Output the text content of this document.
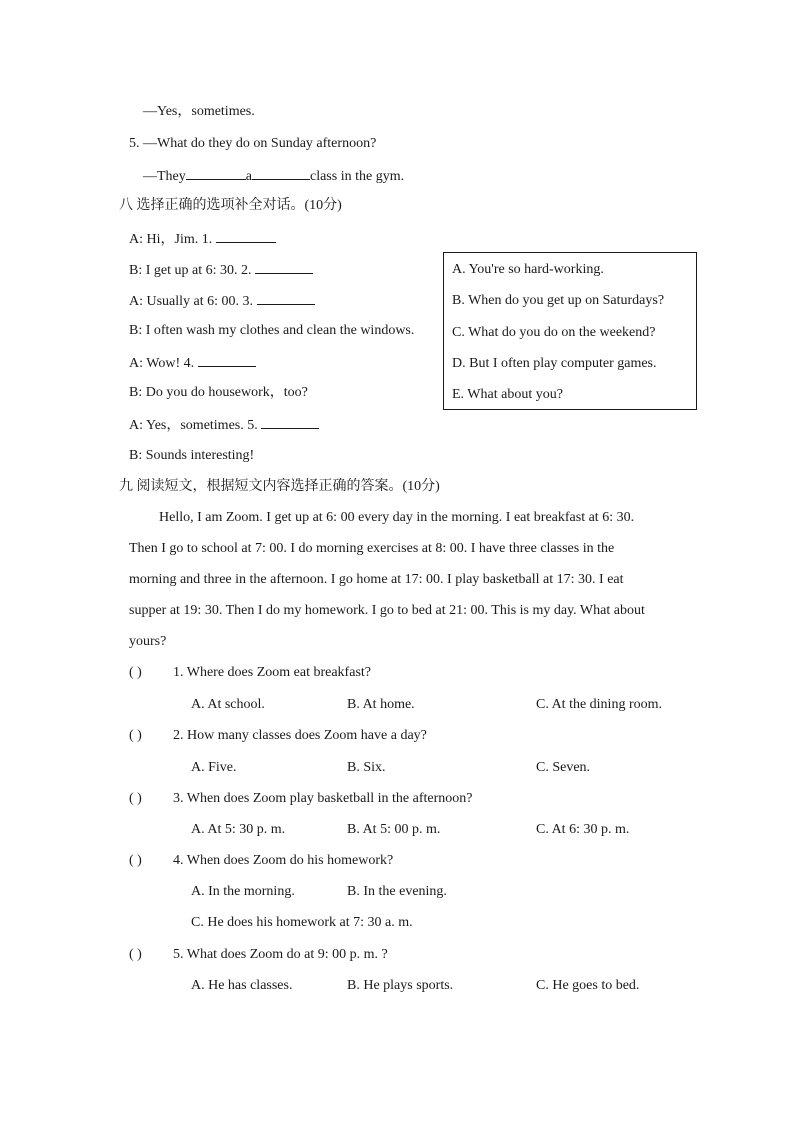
—Yes，sometimes.
5. —What do they do on Sunday afternoon?
—They	a	class in the gym.
八 选择正确的选项补全对话。(10分)
A: Hi，Jim. 1.
B: I get up at 6: 30. 2.
A: Usually at 6: 00. 3.
B: I often wash my clothes and clean the windows.
A: Wow! 4.
B: Do you do housework，too?
A: Yes，sometimes. 5.
B: Sounds interesting!
A. You're so hard-working.
B. When do you get up on Saturdays?
C. What do you do on the weekend?
D. But I often play computer games.
E. What about you?
九 阅读短文，根据短文内容选择正确的答案。(10分)
Hello, I am Zoom. I get up at 6: 00 every day in the morning. I eat breakfast at 6: 30.
Then I go to school at 7: 00. I do morning exercises at 8: 00. I have three classes in the
morning and three in the afternoon. I go home at 17: 00. I play basketball at 17: 30. I eat
supper at 19: 30. Then I do my homework. I go to bed at 21: 00. This is my day. What about
yours?
( ) 1. Where does Zoom eat breakfast?
A. At school.	B. At home.	C. At the dining room.
( ) 2. How many classes does Zoom have a day?
A. Five.	B. Six.	C. Seven.
( ) 3. When does Zoom play basketball in the afternoon?
A. At 5: 30 p. m.	B. At 5: 00 p. m.	C. At 6: 30 p. m.
( ) 4. When does Zoom do his homework?
A. In the morning.	B. In the evening.
C. He does his homework at 7: 30 a. m.
( ) 5. What does Zoom do at 9: 00 p. m. ?
A. He has classes.	B. He plays sports.	C. He goes to bed.
